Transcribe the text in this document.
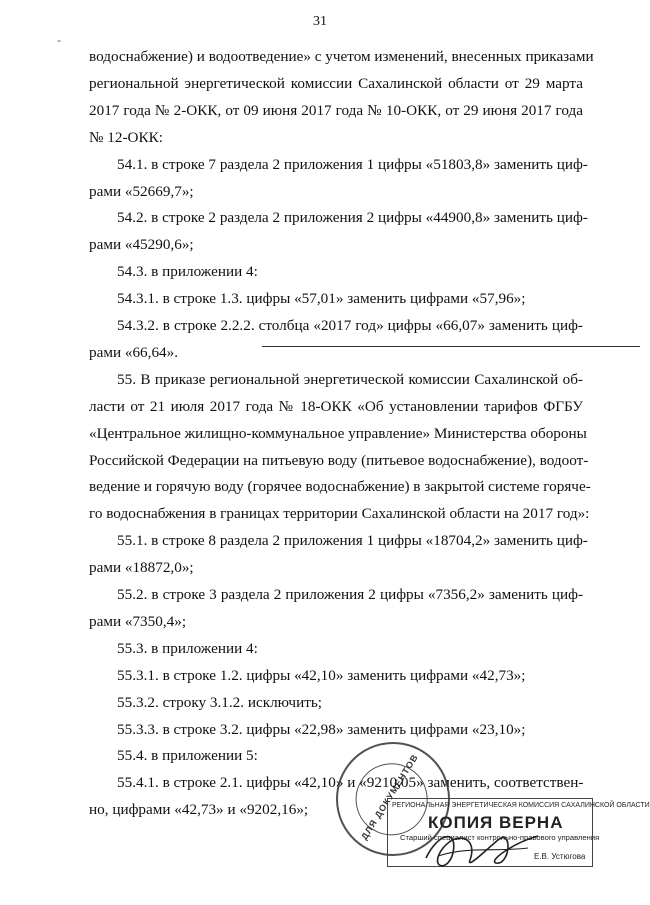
31
-
водоснабжение) и водоотведение» с учетом изменений, внесенных приказами
региональной энергетической комиссии Сахалинской области от 29 марта
2017 года № 2-ОКК, от 09 июня 2017 года № 10-ОКК, от 29 июня 2017 года
№ 12-ОКК:
54.1. в строке 7 раздела 2 приложения 1 цифры «51803,8» заменить циф-
рами «52669,7»;
54.2. в строке 2 раздела 2 приложения 2 цифры «44900,8» заменить циф-
рами «45290,6»;
54.3. в приложении 4:
54.3.1. в строке 1.3. цифры «57,01» заменить цифрами «57,96»;
54.3.2. в строке 2.2.2. столбца «2017 год» цифры «66,07» заменить циф-
рами «66,64».
55. В приказе региональной энергетической комиссии Сахалинской об-
ласти от 21 июля 2017 года № 18-ОКК «Об установлении тарифов ФГБУ
«Центральное жилищно-коммунальное управление» Министерства обороны
Российской Федерации на питьевую воду (питьевое водоснабжение), водоот-
ведение и горячую воду (горячее водоснабжение) в закрытой системе горяче-
го водоснабжения в границах территории Сахалинской области на 2017 год»:
55.1. в строке 8 раздела 2 приложения 1 цифры «18704,2» заменить циф-
рами «18872,0»;
55.2. в строке 3 раздела 2 приложения 2 цифры «7356,2» заменить циф-
рами «7350,4»;
55.3. в приложении 4:
55.3.1. в строке 1.2. цифры «42,10» заменить цифрами «42,73»;
55.3.2. строку 3.1.2. исключить;
55.3.3. в строке 3.2. цифры «22,98» заменить цифрами «23,10»;
55.4. в приложении 5:
55.4.1. в строке 2.1. цифры «42,10» и «9210,05» заменить, соответствен-
но, цифрами «42,73» и «9202,16»;	ДЛЯ ДОКУМЕНТОВ
РЕГИОНАЛЬНАЯ ЭНЕРГЕТИЧЕСКАЯ КОМИССИЯ САХАЛИНСКОЙ ОБЛАСТИ
КОПИЯ ВЕРНА
Старший специалист контрольно-правового управления
Е.В. Устюгова
